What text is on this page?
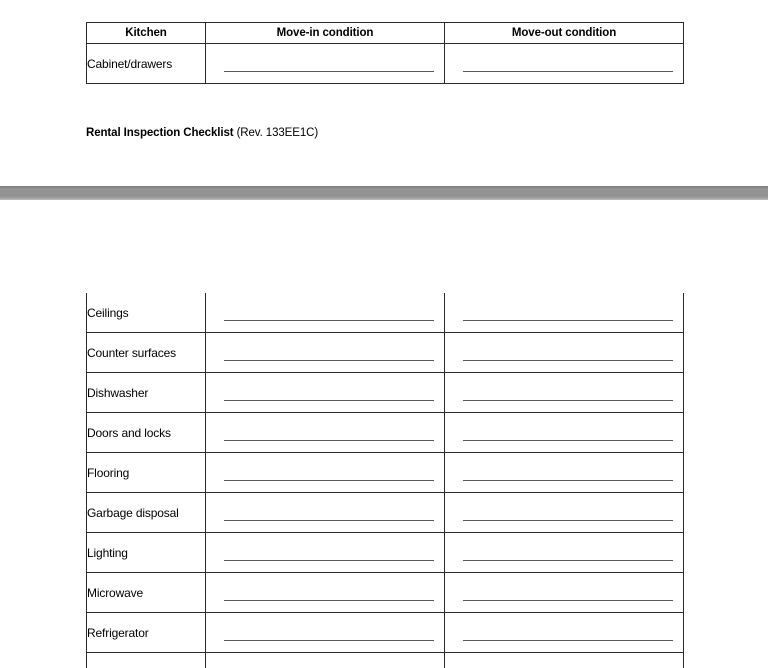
Kitchen	Move-in condition	Move-out condition
Cabinet/drawers	

Rental Inspection Checklist (Rev. 133EE1C)
Ceilings	

Counter surfaces	

Dishwasher	

Doors and locks	

Flooring	

Garbage disposal	

Lighting	

Microwave	

Refrigerator	
